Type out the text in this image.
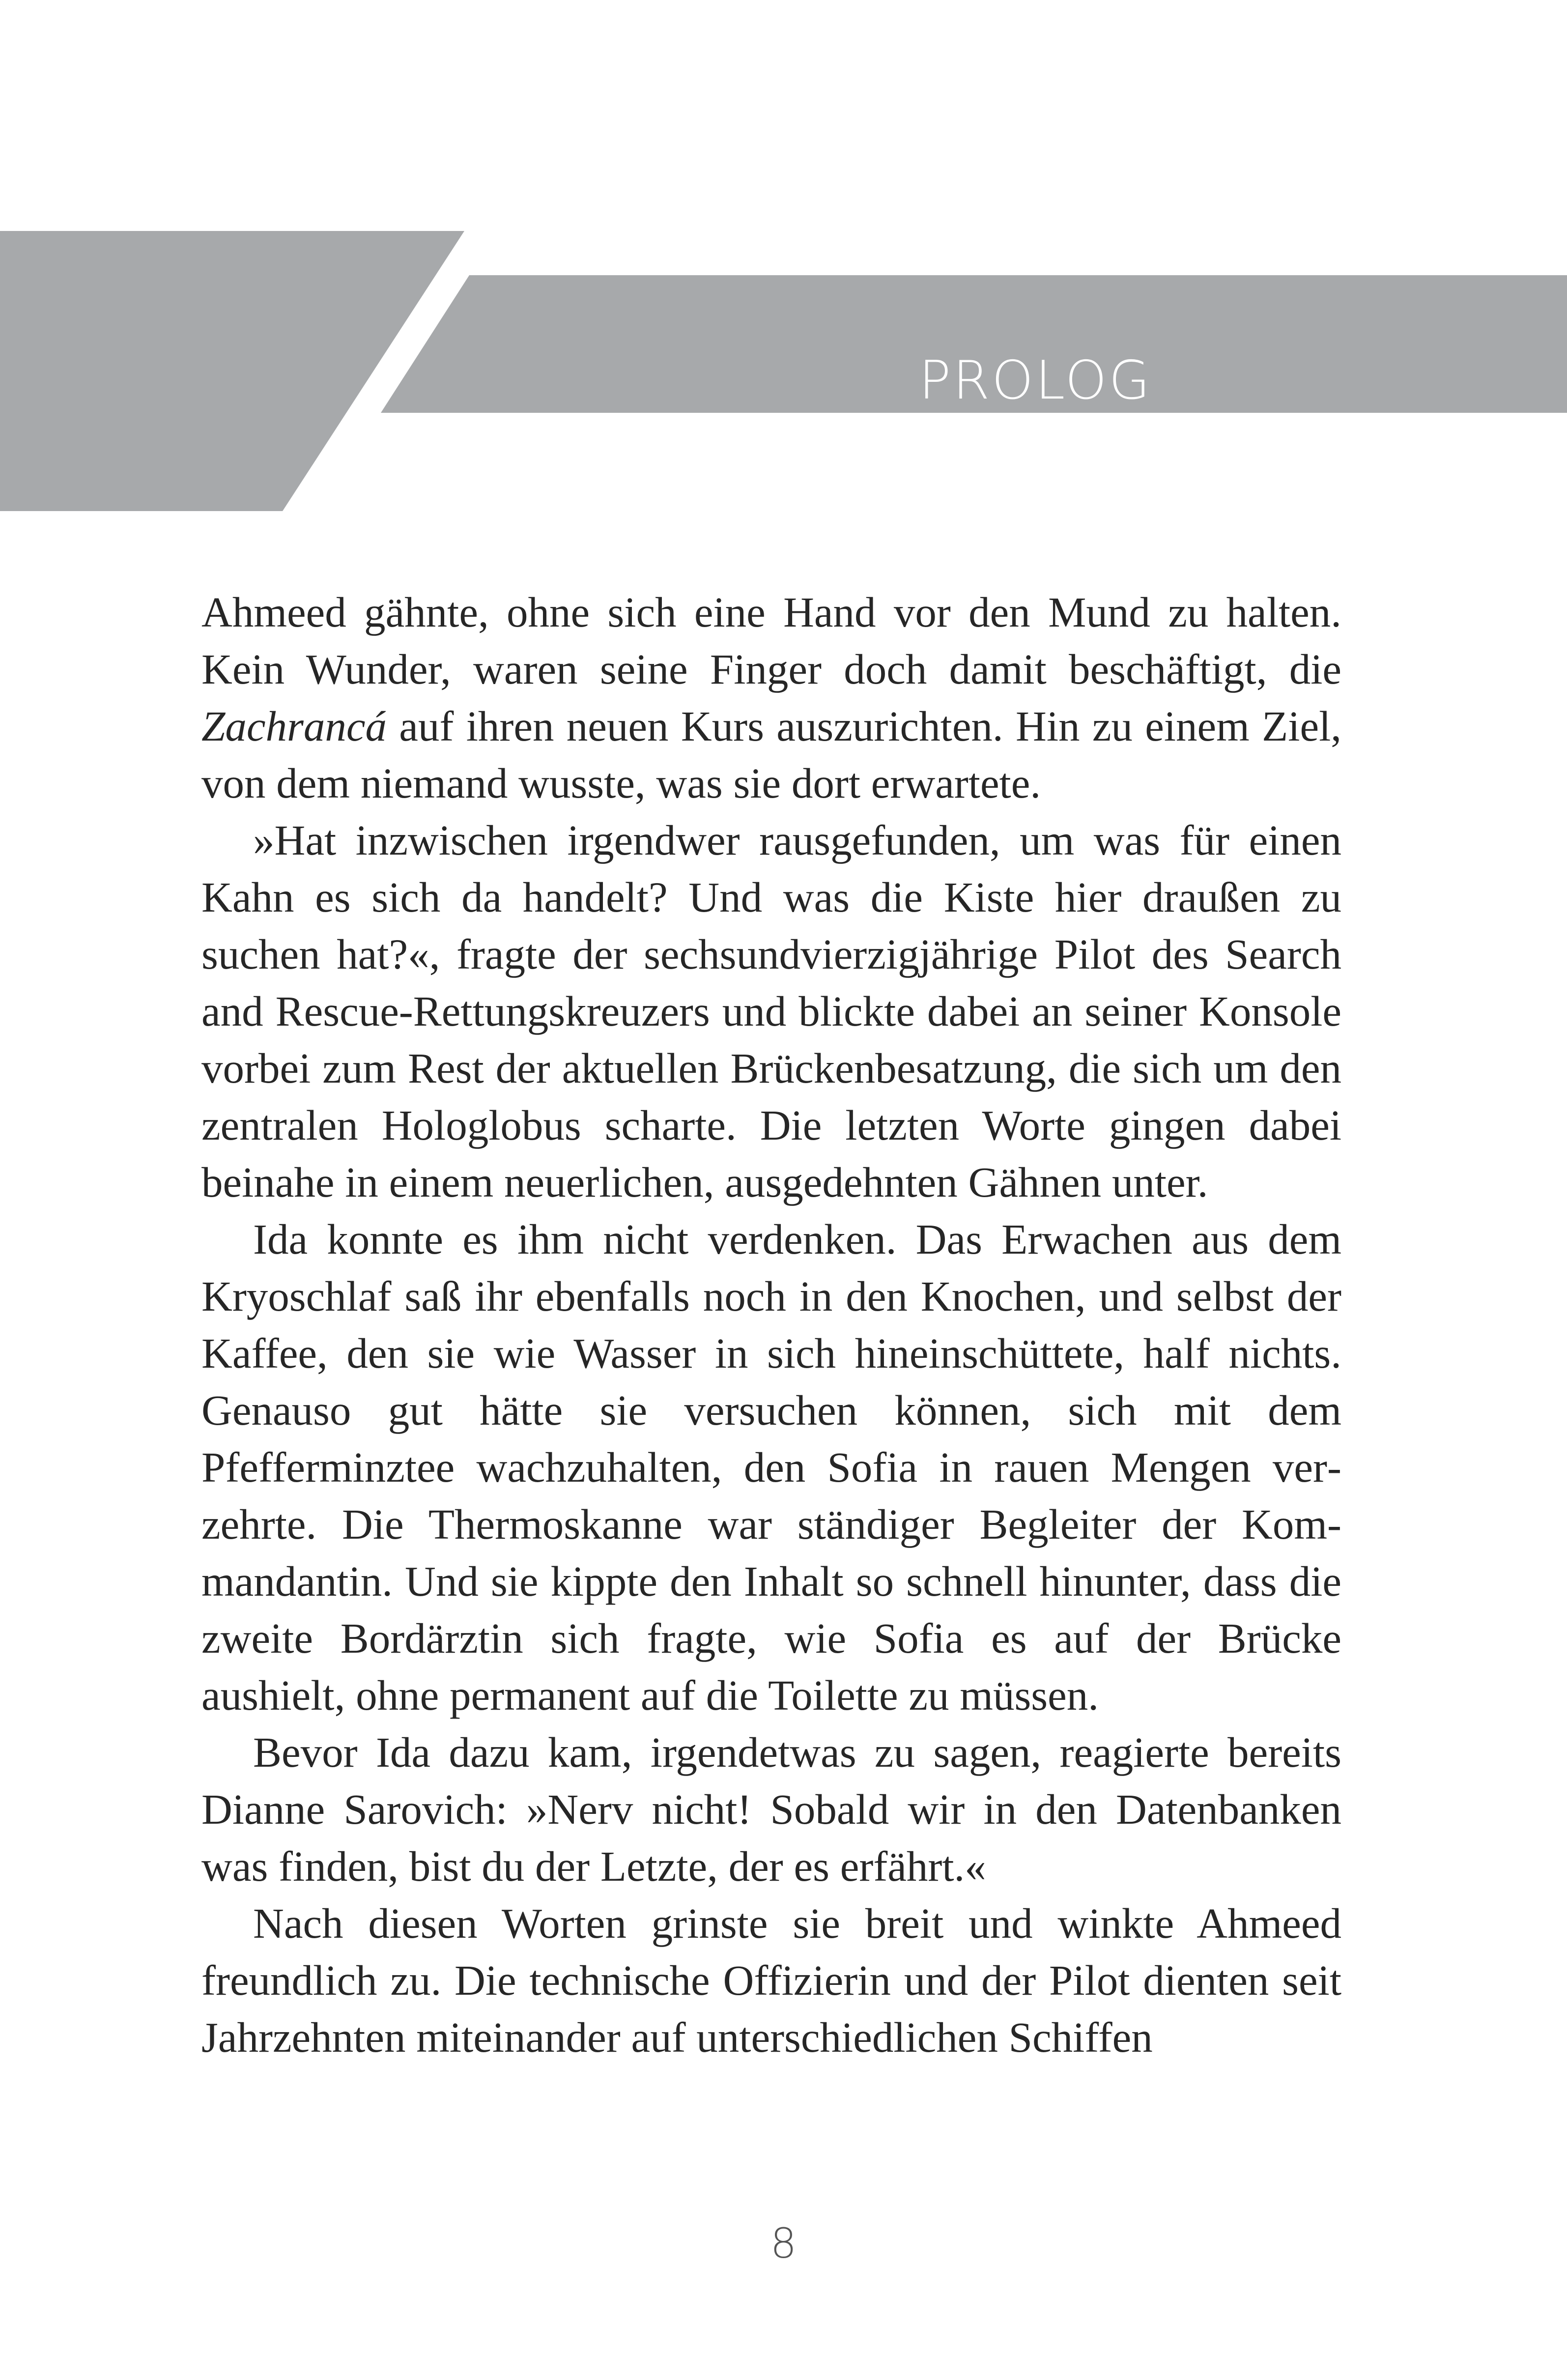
PROLOG

Ahmeed gähnte, ohne sich eine Hand vor den Mund zu halten. Kein Wunder, waren seine Finger doch damit beschäftigt, die Zachrancá auf ihren neuen Kurs auszurichten. Hin zu einem Ziel, von dem niemand wusste, was sie dort erwartete.

»Hat inzwischen irgendwer rausgefunden, um was für einen Kahn es sich da handelt? Und was die Kiste hier draußen zu suchen hat?«, fragte der sechsundvierzigjährige Pilot des Search and Rescue-Rettungskreuzers und blickte dabei an seiner Konsole vorbei zum Rest der aktuellen Brückenbesatzung, die sich um den zentralen Hologlobus scharte. Die letzten Worte gingen dabei beinahe in einem neuerlichen, ausgedehnten Gähnen unter.

Ida konnte es ihm nicht verdenken. Das Erwachen aus dem Kryoschlaf saß ihr ebenfalls noch in den Knochen, und selbst der Kaffee, den sie wie Wasser in sich hineinschüttete, half nichts. Genauso gut hätte sie versuchen können, sich mit dem Pfefferminztee wachzuhalten, den Sofia in rauen Mengen verzehrte. Die Thermoskanne war ständiger Begleiter der Kommandantin. Und sie kippte den Inhalt so schnell hinunter, dass die zweite Bordärztin sich fragte, wie Sofia es auf der Brücke aushielt, ohne permanent auf die Toilette zu müssen.

Bevor Ida dazu kam, irgendetwas zu sagen, reagierte bereits Dianne Sarovich: »Nerv nicht! Sobald wir in den Datenbanken was finden, bist du der Letzte, der es erfährt.«

Nach diesen Worten grinste sie breit und winkte Ahmeed freundlich zu. Die technische Offizierin und der Pilot dienten seit Jahrzehnten miteinander auf unterschiedlichen Schiffen

8
